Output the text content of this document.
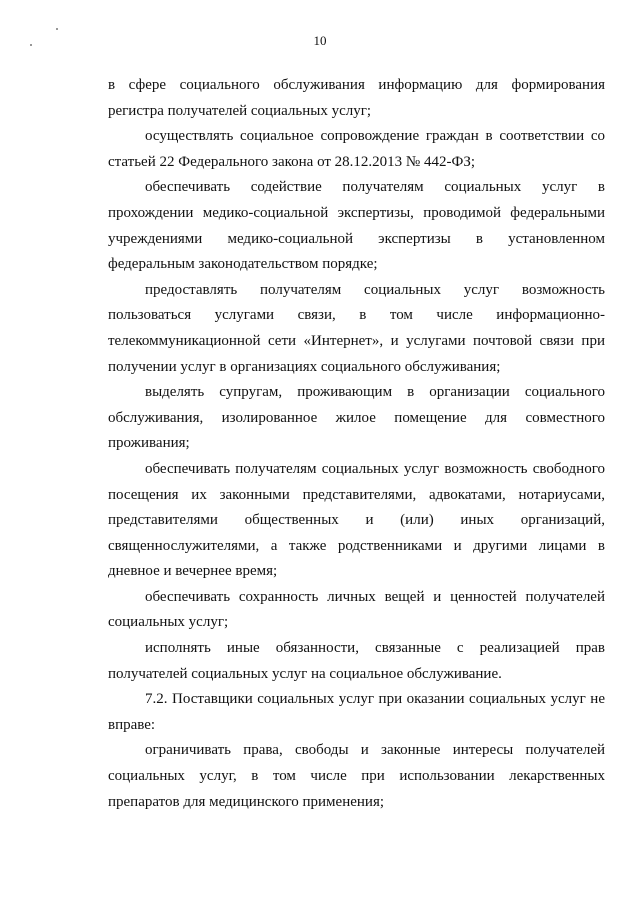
10

в сфере социального обслуживания информацию для формирования регистра получателей социальных услуг;

осуществлять социальное сопровождение граждан в соответствии со статьей 22 Федерального закона от 28.12.2013 № 442-ФЗ;

обеспечивать содействие получателям социальных услуг в прохождении медико-социальной экспертизы, проводимой федеральными учреждениями медико-социальной экспертизы в установленном федеральным законодательством порядке;

предоставлять получателям социальных услуг возможность пользоваться услугами связи, в том числе информационно-телекоммуникационной сети «Интернет», и услугами почтовой связи при получении услуг в организациях социального обслуживания;

выделять супругам, проживающим в организации социального обслуживания, изолированное жилое помещение для совместного проживания;

обеспечивать получателям социальных услуг возможность свободного посещения их законными представителями, адвокатами, нотариусами, представителями общественных и (или) иных организаций, священнослужителями, а также родственниками и другими лицами в дневное и вечернее время;

обеспечивать сохранность личных вещей и ценностей получателей социальных услуг;

исполнять иные обязанности, связанные с реализацией прав получателей социальных услуг на социальное обслуживание.

7.2. Поставщики социальных услуг при оказании социальных услуг не вправе:

ограничивать права, свободы и законные интересы получателей социальных услуг, в том числе при использовании лекарственных препаратов для медицинского применения;
